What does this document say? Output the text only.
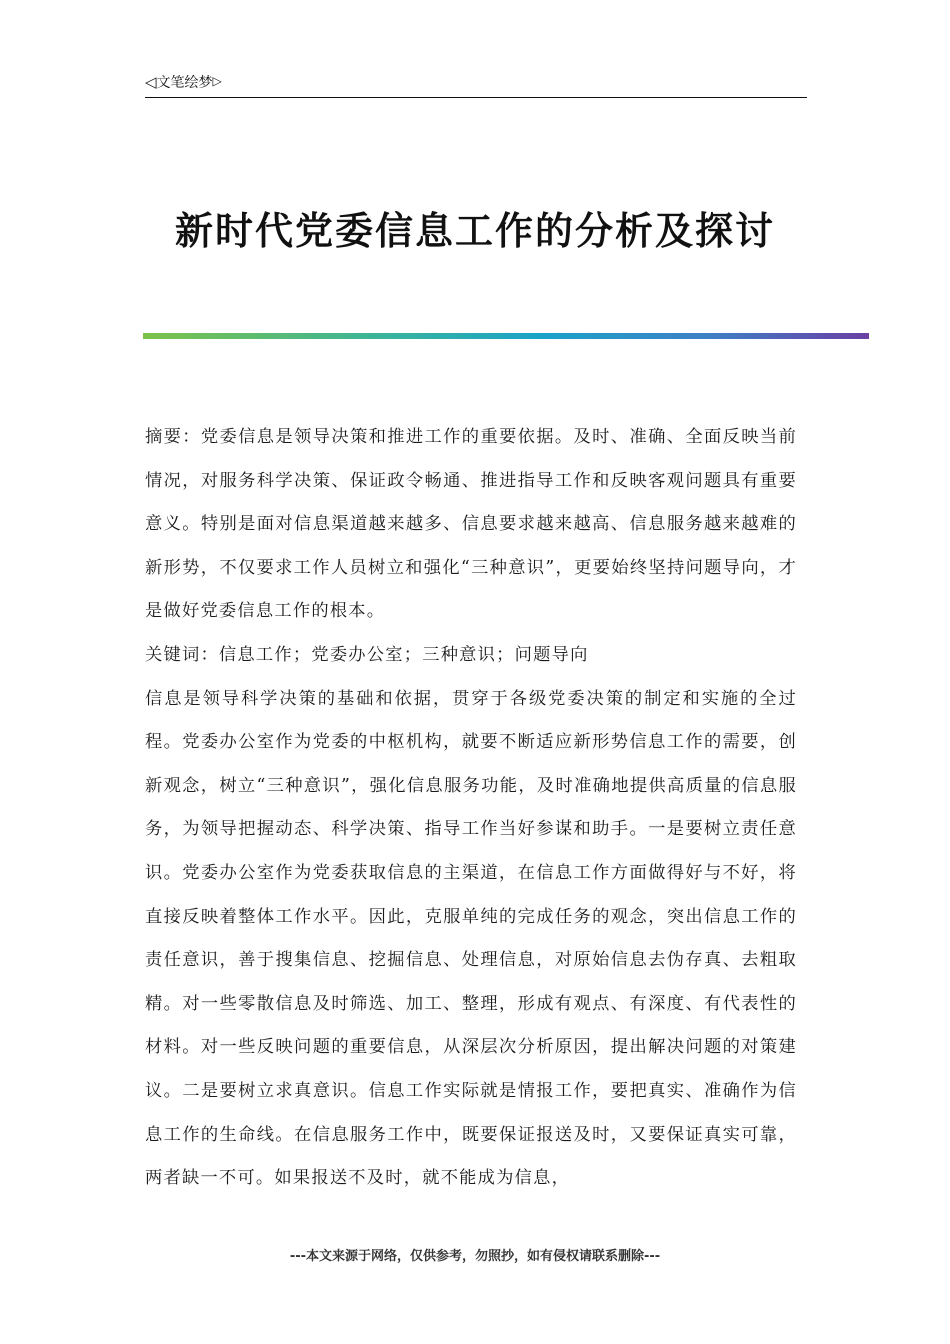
◁文笔绘梦▷
新时代党委信息工作的分析及探讨

摘要：党委信息是领导决策和推进工作的重要依据。及时、准确、全面反映当前情况，对服务科学决策、保证政令畅通、推进指导工作和反映客观问题具有重要意义。特别是面对信息渠道越来越多、信息要求越来越高、信息服务越来越难的新形势，不仅要求工作人员树立和强化“三种意识”，更要始终坚持问题导向，才是做好党委信息工作的根本。

关键词：信息工作；党委办公室；三种意识；问题导向

信息是领导科学决策的基础和依据，贯穿于各级党委决策的制定和实施的全过程。党委办公室作为党委的中枢机构，就要不断适应新形势信息工作的需要，创新观念，树立“三种意识”，强化信息服务功能，及时准确地提供高质量的信息服务，为领导把握动态、科学决策、指导工作当好参谋和助手。一是要树立责任意识。党委办公室作为党委获取信息的主渠道，在信息工作方面做得好与不好，将直接反映着整体工作水平。因此，克服单纯的完成任务的观念，突出信息工作的责任意识，善于搜集信息、挖掘信息、处理信息，对原始信息去伪存真、去粗取精。对一些零散信息及时筛选、加工、整理，形成有观点、有深度、有代表性的材料。对一些反映问题的重要信息，从深层次分析原因，提出解决问题的对策建议。二是要树立求真意识。信息工作实际就是情报工作，要把真实、准确作为信息工作的生命线。在信息服务工作中，既要保证报送及时，又要保证真实可靠，两者缺一不可。如果报送不及时，就不能成为信息，

---本文来源于网络，仅供参考，勿照抄，如有侵权请联系删除---
